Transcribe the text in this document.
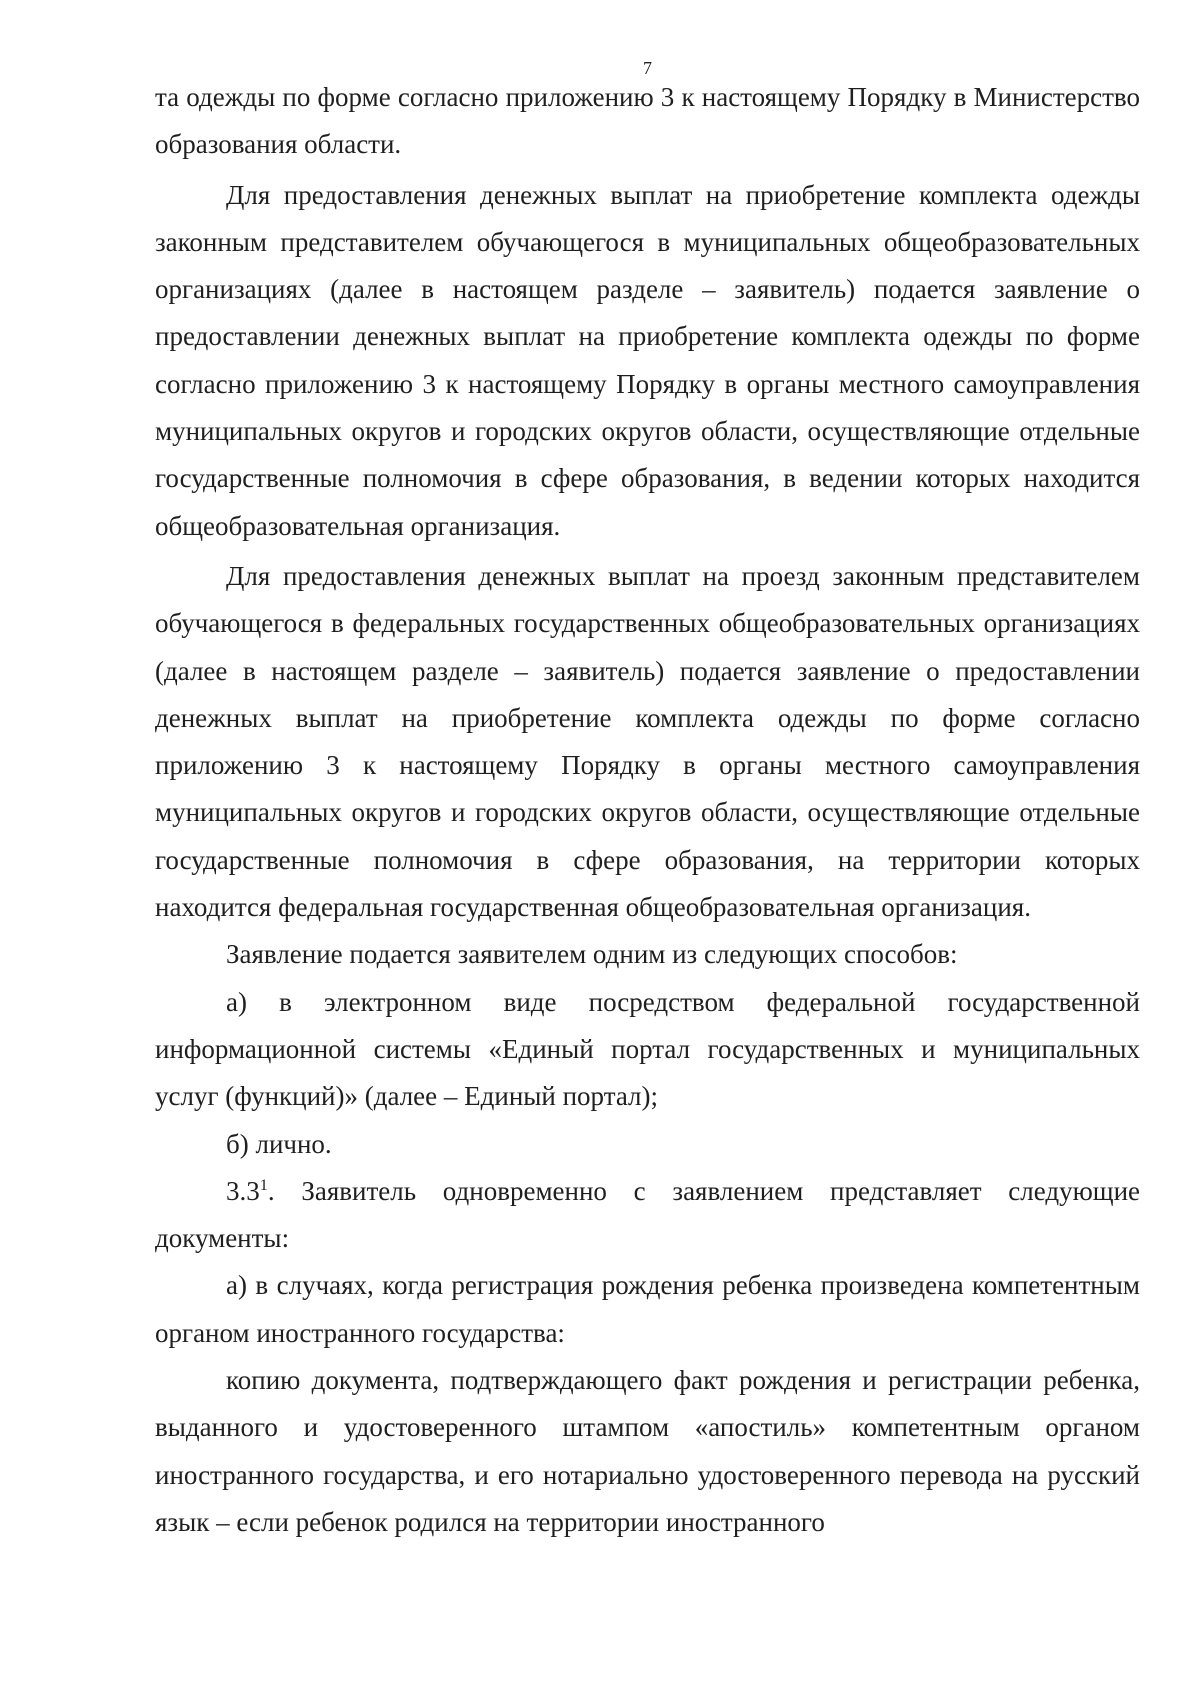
7

та одежды по форме согласно приложению 3 к настоящему Порядку в Министерство образования области.

Для предоставления денежных выплат на приобретение комплекта одежды законным представителем обучающегося в муниципальных общеобразовательных организациях (далее в настоящем разделе – заявитель) подается заявление о предоставлении денежных выплат на приобретение комплекта одежды по форме согласно приложению 3 к настоящему Порядку в органы местного самоуправления муниципальных округов и городских округов области, осуществляющие отдельные государственные полномочия в сфере образования, в ведении которых находится общеобразовательная организация.

Для предоставления денежных выплат на проезд законным представителем обучающегося в федеральных государственных общеобразовательных организациях (далее в настоящем разделе – заявитель) подается заявление о предоставлении денежных выплат на приобретение комплекта одежды по форме согласно приложению 3 к настоящему Порядку в органы местного самоуправления муниципальных округов и городских округов области, осуществляющие отдельные государственные полномочия в сфере образования, на территории которых находится федеральная государственная общеобразовательная организация.

Заявление подается заявителем одним из следующих способов:

а) в электронном виде посредством федеральной государственной информационной системы «Единый портал государственных и муниципальных услуг (функций)» (далее – Единый портал);

б) лично.

$3.3^1$. Заявитель одновременно с заявлением представляет следующие документы:

а) в случаях, когда регистрация рождения ребенка произведена компетентным органом иностранного государства:

копию документа, подтверждающего факт рождения и регистрации ребенка, выданного и удостоверенного штампом «апостиль» компетентным органом иностранного государства, и его нотариально удостоверенного перевода на русский язык – если ребенок родился на территории иностранного
